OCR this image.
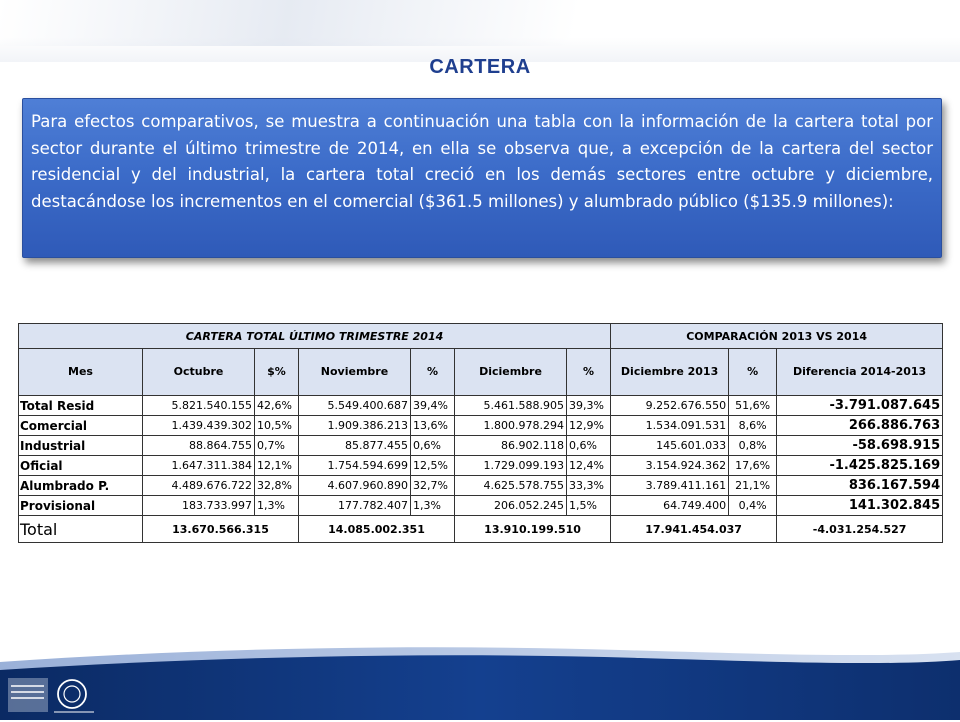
CARTERA

Para efectos comparativos, se muestra a continuación una tabla con la información de la cartera total por sector durante el último trimestre de 2014, en ella se observa que, a excepción de la cartera del sector residencial y del industrial, la cartera total creció en los demás sectores entre octubre y diciembre, destacándose los incrementos en el comercial ($361.5 millones) y alumbrado público ($135.9 millones):

CARTERA TOTAL ÚLTIMO TRIMESTRE 2014							COMPARACIÓN 2013 VS 2014		
Mes	Octubre	$%	Noviembre	%	Diciembre	%	Diciembre 2013	%	Diferencia 2014-2013
Total Resid	5.821.540.155	42,6%	5.549.400.687	39,4%	5.461.588.905	39,3%	9.252.676.550	51,6%	-3.791.087.645
Comercial	1.439.439.302	10,5%	1.909.386.213	13,6%	1.800.978.294	12,9%	1.534.091.531	8,6%	266.886.763
Industrial	88.864.755	0,7%	85.877.455	0,6%	86.902.118	0,6%	145.601.033	0,8%	-58.698.915
Oficial	1.647.311.384	12,1%	1.754.594.699	12,5%	1.729.099.193	12,4%	3.154.924.362	17,6%	-1.425.825.169
Alumbrado P.	4.489.676.722	32,8%	4.607.960.890	32,7%	4.625.578.755	33,3%	3.789.411.161	21,1%	836.167.594
Provisional	183.733.997	1,3%	177.782.407	1,3%	206.052.245	1,5%	64.749.400	0,4%	141.302.845
Total	13.670.566.315		14.085.002.351		13.910.199.510		17.941.454.037		-4.031.254.527
